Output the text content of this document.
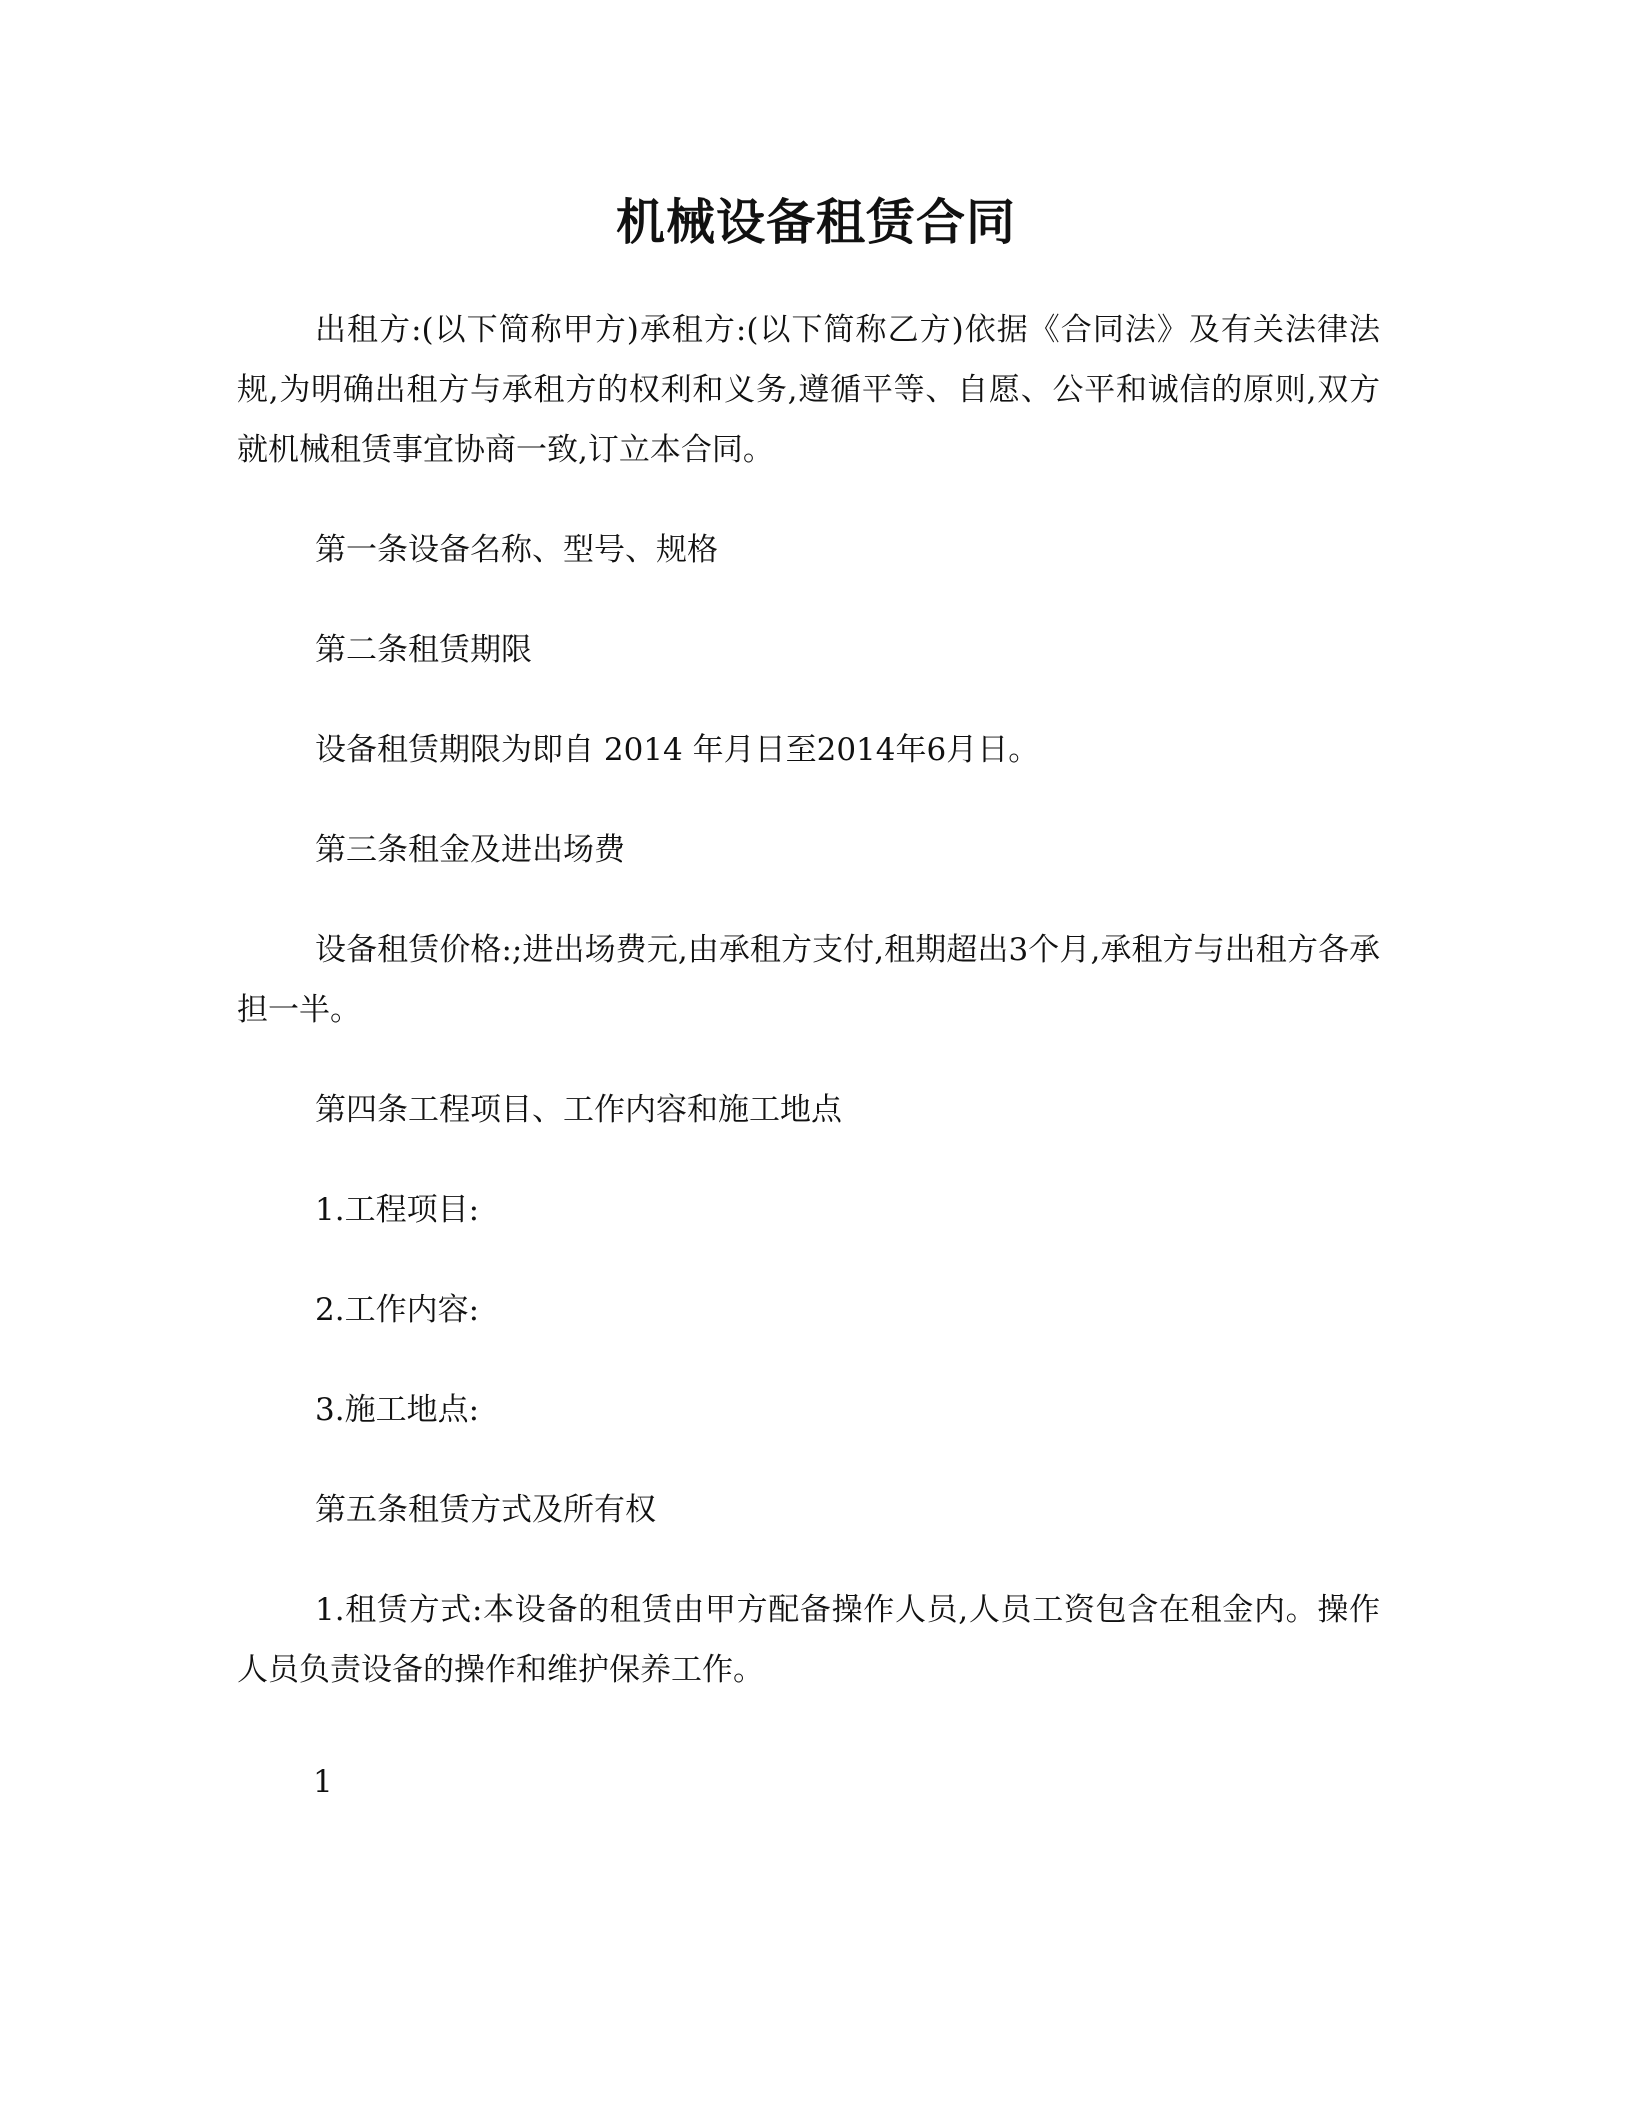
机械设备租赁合同

出租方:(以下简称甲方)承租方:(以下简称乙方)依据《合同法》及有关法律法规,为明确出租方与承租方的权利和义务,遵循平等、自愿、公平和诚信的原则,双方就机械租赁事宜协商一致,订立本合同。

第一条设备名称、型号、规格

第二条租赁期限

设备租赁期限为即自 2014 年月日至2014年6月日。

第三条租金及进出场费

设备租赁价格:;进出场费元,由承租方支付,租期超出3个月,承租方与出租方各承担一半。

第四条工程项目、工作内容和施工地点

1.工程项目:

2.工作内容:

3.施工地点:

第五条租赁方式及所有权

1.租赁方式:本设备的租赁由甲方配备操作人员,人员工资包含在租金内。操作人员负责设备的操作和维护保养工作。

1
